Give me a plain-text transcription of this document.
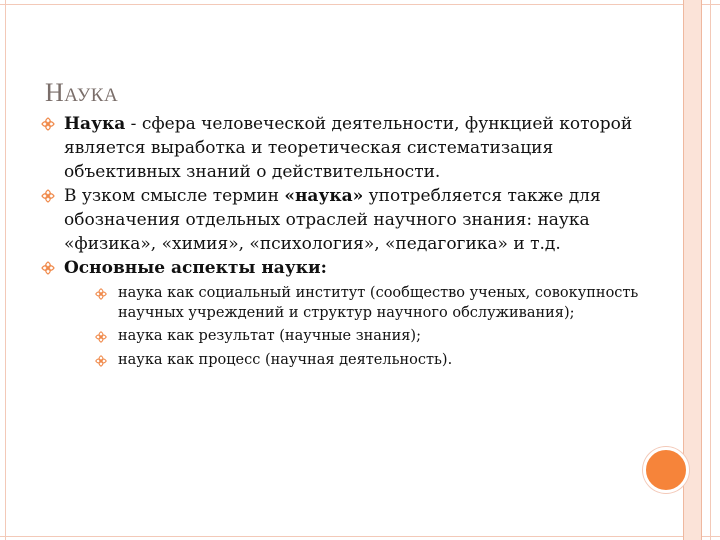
НАУКА

Наука - сфера человеческой деятельности, функцией которой является выработка и теоретическая систематизация объективных знаний о действительности.

В узком смысле термин «наука» употребляется также для обозначения отдельных отраслей научного знания: наука «физика», «химия», «психология», «педагогика» и т.д.

Основные аспекты науки:

наука как социальный институт (сообщество ученых, совокупность научных учреждений и структур научного обслуживания);
наука как результат (научные знания);
наука как процесс (научная деятельность).
